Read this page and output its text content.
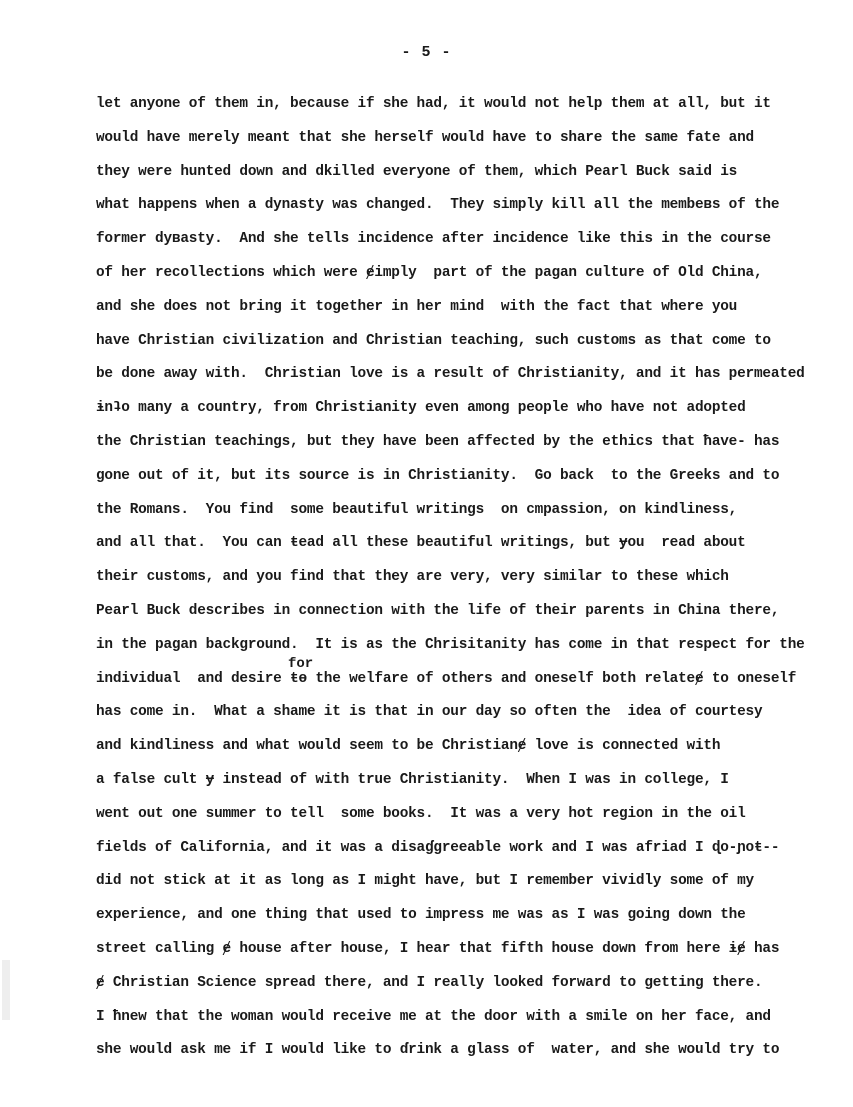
- 5 -
for
let anyone of them in, because if she had, it would not help them at all, but it
would have merely meant that she herself would have to share the same fate and
they were hunted down and dkilled everyone of them, which Pearl Buck said is
what happens when a dynasty was changed.  They simply kill all the membeʙs of the
former dyʙasty.  And she tells incidence after incidence like this in the course
of her recollections which were ɇimply  part of the pagan culture of Old China,
and she does not bring it together in her mind  with the fact that where you
have Christian civilization and Christian teaching, such customs as that come to
be done away with.  Christian love is a result of Christianity, and it has permeated
ɨnʇo many a country, from Christianity even among people who have not adopted
the Christian teachings, but they have been affected by the ethics that ħave- has
gone out of it, but its source is in Christianity.  Go back  to the Greeks and to
the Romans.  You find  some beautiful writings  on cmpassion, on kindliness,
and all that.  You can ŧead all these beautiful writings, but ɏou  read about
their customs, and you find that they are very, very similar to these which
Pearl Buck describes in connection with the life of their parents in China there,
in the pagan background.  It is as the Chrisitanity has come in that respect for the
individual  and desire ŧɵ the welfare of others and oneself both relateɇ to oneself
has come in.  What a shame it is that in our day so often the  idea of courtesy
and kindliness and what would seem to be Christianɇ love is connected with
a false cult ɏ instead of with true Christianity.  When I was in college, I
went out one summer to tell  some books.  It was a very hot region in the oil
fields of California, and it was a disaɠgreeable work and I was afriad I ɖo-ɲoŧ--
did not stick at it as long as I might have, but I remember vividly some of my
experience, and one thing that used to impress me was as I was going down the
street calling ɇ house after house, I hear that fifth house down from here ɨɇ has
ɇ Christian Science spread there, and I really looked forward to getting there.
I ħnew that the woman would receive me at the door with a smile on her face, and
she would ask me if I would like to ɗrink a glass of  water, and she would try to
